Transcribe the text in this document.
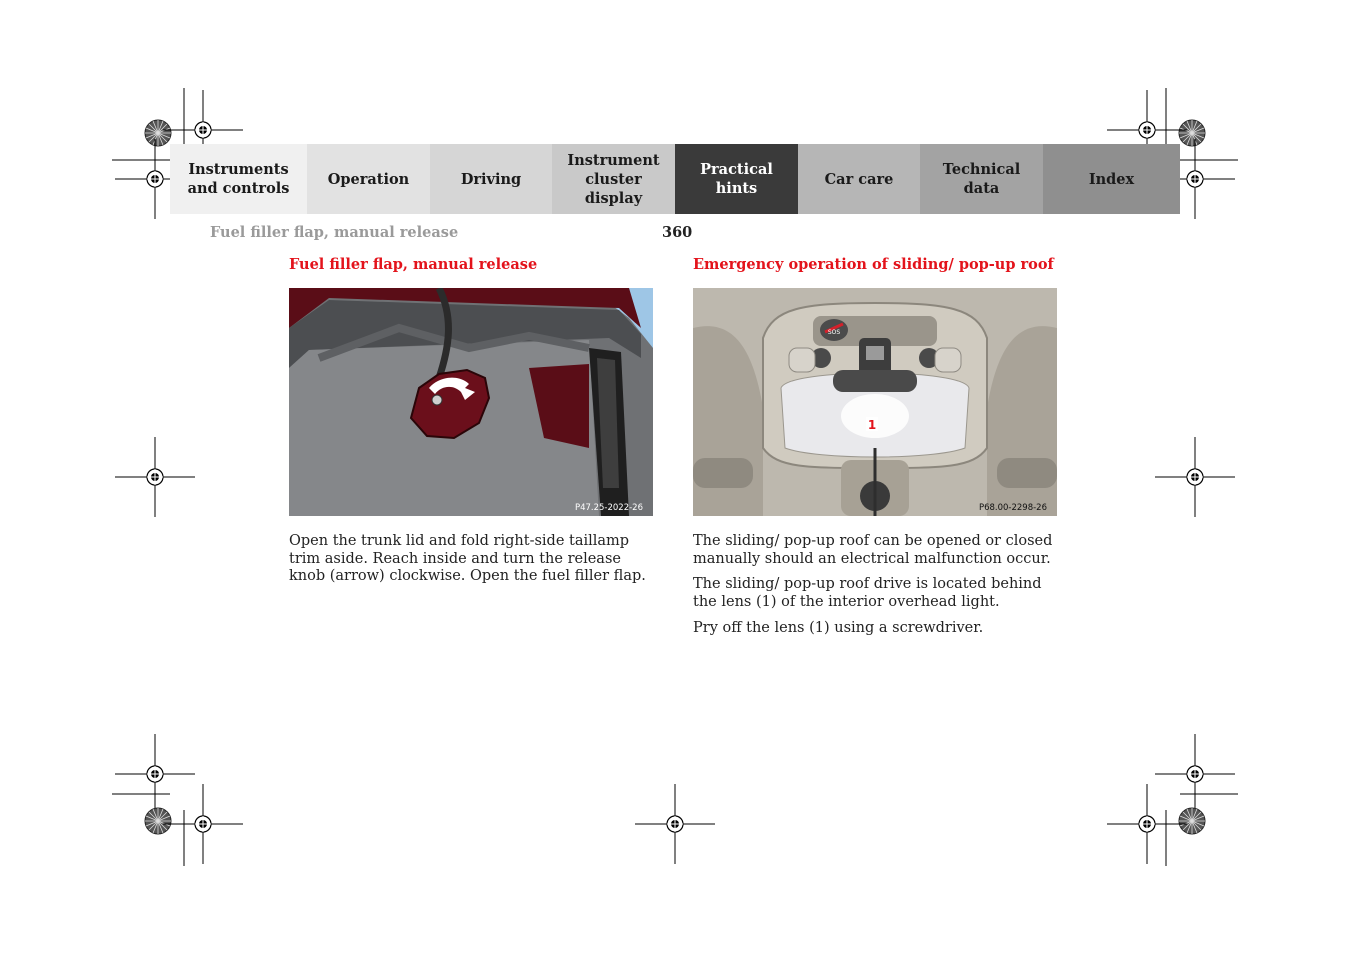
Instruments
and controls
Operation	Driving
Instrument
cluster display
Practical hints
Car care
Technical
data
Index
Fuel filler flap, manual release	360
Fuel filler flap, manual release
P47.25-2022-26

Open the trunk lid and fold right-side taillamp trim aside. Reach inside and turn the release knob (arrow) clockwise. Open the fuel filler flap.

Emergency operation of sliding/ pop-up roof
1
SOS
P68.00-2298-26

The sliding/ pop-up roof can be opened or closed manually should an electrical malfunction occur.

The sliding/ pop-up roof drive is located behind the lens (1) of the interior overhead light.

Pry off the lens (1) using a screwdriver.
